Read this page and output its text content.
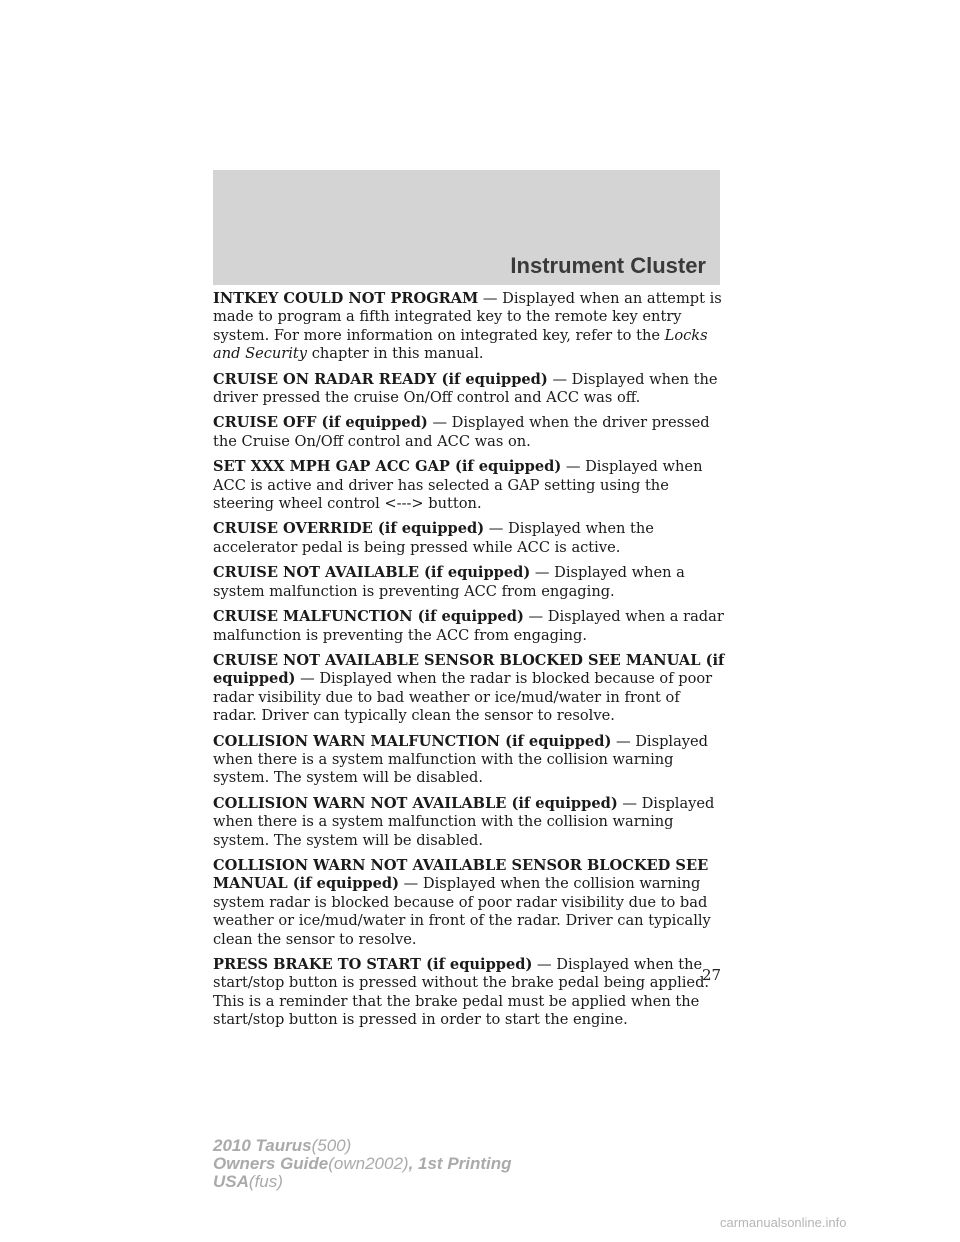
Instrument Cluster

INTKEY COULD NOT PROGRAM — Displayed when an attempt is made to program a fifth integrated key to the remote key entry system. For more information on integrated key, refer to the Locks and Security chapter in this manual.

CRUISE ON RADAR READY (if equipped) — Displayed when the driver pressed the cruise On/Off control and ACC was off.

CRUISE OFF (if equipped) — Displayed when the driver pressed the Cruise On/Off control and ACC was on.

SET XXX MPH GAP ACC GAP (if equipped) — Displayed when ACC is active and driver has selected a GAP setting using the steering wheel control <---> button.

CRUISE OVERRIDE (if equipped) — Displayed when the accelerator pedal is being pressed while ACC is active.

CRUISE NOT AVAILABLE (if equipped) — Displayed when a system malfunction is preventing ACC from engaging.

CRUISE MALFUNCTION (if equipped) — Displayed when a radar malfunction is preventing the ACC from engaging.

CRUISE NOT AVAILABLE SENSOR BLOCKED SEE MANUAL (if equipped) — Displayed when the radar is blocked because of poor radar visibility due to bad weather or ice/mud/water in front of radar. Driver can typically clean the sensor to resolve.

COLLISION WARN MALFUNCTION (if equipped) — Displayed when there is a system malfunction with the collision warning system. The system will be disabled.

COLLISION WARN NOT AVAILABLE (if equipped) — Displayed when there is a system malfunction with the collision warning system. The system will be disabled.

COLLISION WARN NOT AVAILABLE SENSOR BLOCKED SEE MANUAL (if equipped) — Displayed when the collision warning system radar is blocked because of poor radar visibility due to bad weather or ice/mud/water in front of the radar. Driver can typically clean the sensor to resolve.

PRESS BRAKE TO START (if equipped) — Displayed when the start/stop button is pressed without the brake pedal being applied. This is a reminder that the brake pedal must be applied when the start/stop button is pressed in order to start the engine.

27
2010 Taurus(500)
Owners Guide(own2002), 1st Printing
USA(fus)
carmanualsonline.info
